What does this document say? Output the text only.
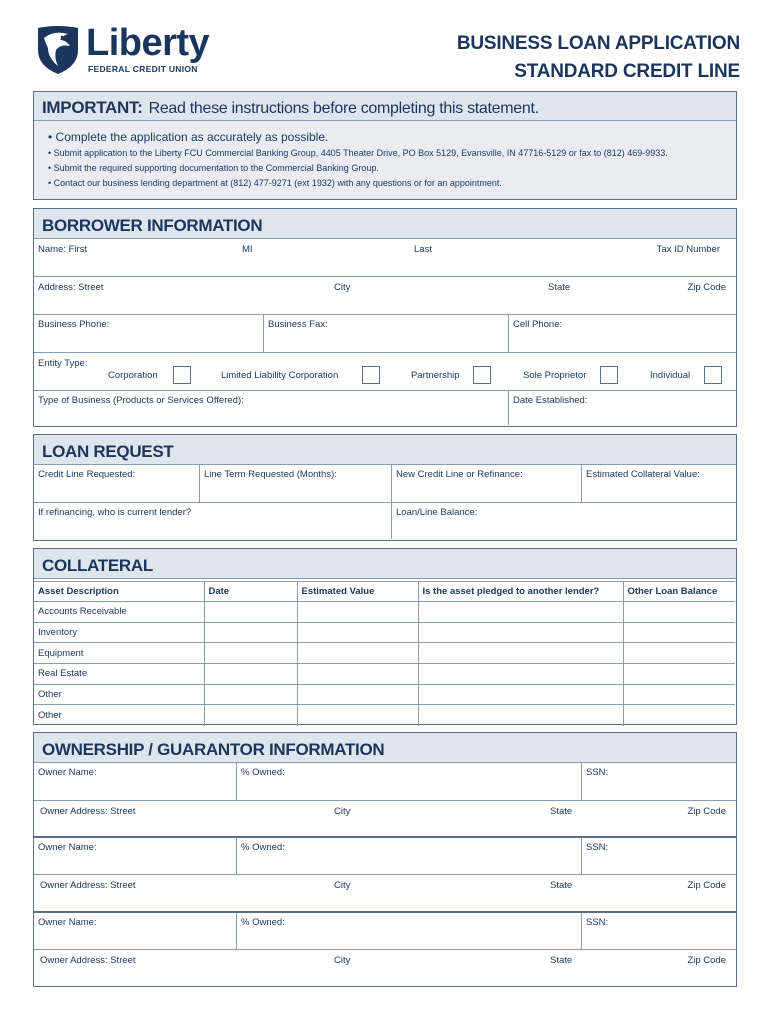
Liberty
FEDERAL CREDIT UNION
BUSINESS LOAN APPLICATION
STANDARD CREDIT LINE
IMPORTANT: Read these instructions before completing this statement.
• Complete the application as accurately as possible.
• Submit application to the Liberty FCU Commercial Banking Group, 4405 Theater Drive, PO Box 5129, Evansville, IN 47716-5129 or fax to (812) 469-9933.
• Submit the required supporting documentation to the Commercial Banking Group.
• Contact our business lending department at (812) 477-9271 (ext 1932) with any questions or for an appointment.
BORROWER INFORMATION
Name: First	MI	Last	Tax ID Number
Address: Street	City	State	Zip Code
Business Phone:	Business Fax:	Cell Phone:
Entity Type:
Corporation	Limited Liability Corporation	Partnership	Sole Proprietor	Individual
Type of Business (Products or Services Offered):	Date Established:
LOAN REQUEST
Credit Line Requested:	Line Term Requested (Months):	New Credit Line or Refinance:	Estimated Collateral Value:
If refinancing, who is current lender?	Loan/Line Balance:
COLLATERAL
Asset Description	Date	Estimated Value	Is the asset pledged to another lender?	Other Loan Balance
Accounts Receivable				
Inventory				
Equipment				
Real Estate				
Other				
Other				
OWNERSHIP / GUARANTOR INFORMATION
Owner Name:	% Owned:	SSN:
Owner Address: Street	City	State	Zip Code
Owner Name:	% Owned:	SSN:
Owner Address: Street	City	State	Zip Code
Owner Name:	% Owned:	SSN:
Owner Address: Street	City	State	Zip Code
